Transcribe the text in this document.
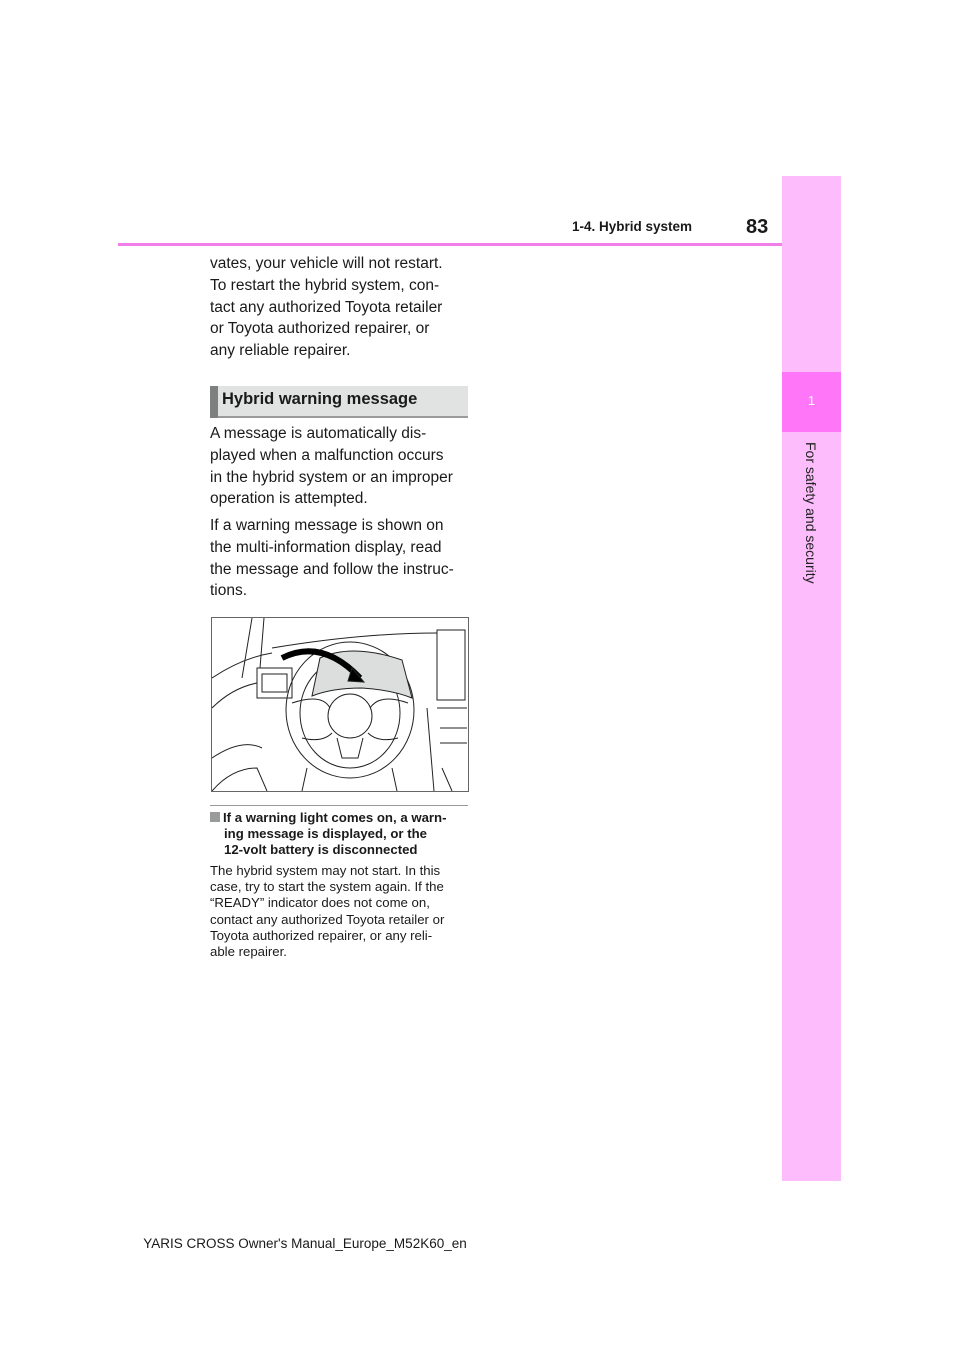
1
For safety and security
1-4. Hybrid system	83
vates, your vehicle will not restart.
To restart the hybrid system, con-
tact any authorized Toyota retailer
or Toyota authorized repairer, or
any reliable repairer.
Hybrid warning message
A message is automatically dis-
played when a malfunction occurs
in the hybrid system or an improper
operation is attempted.
If a warning message is shown on
the multi-information display, read
the message and follow the instruc-
tions.
If a warning light comes on, a warn-
ing message is displayed, or the
12-volt battery is disconnected
The hybrid system may not start. In this
case, try to start the system again. If the
“READY” indicator does not come on,
contact any authorized Toyota retailer or
Toyota authorized repairer, or any reli-
able repairer.
YARIS CROSS Owner's Manual_Europe_M52K60_en
